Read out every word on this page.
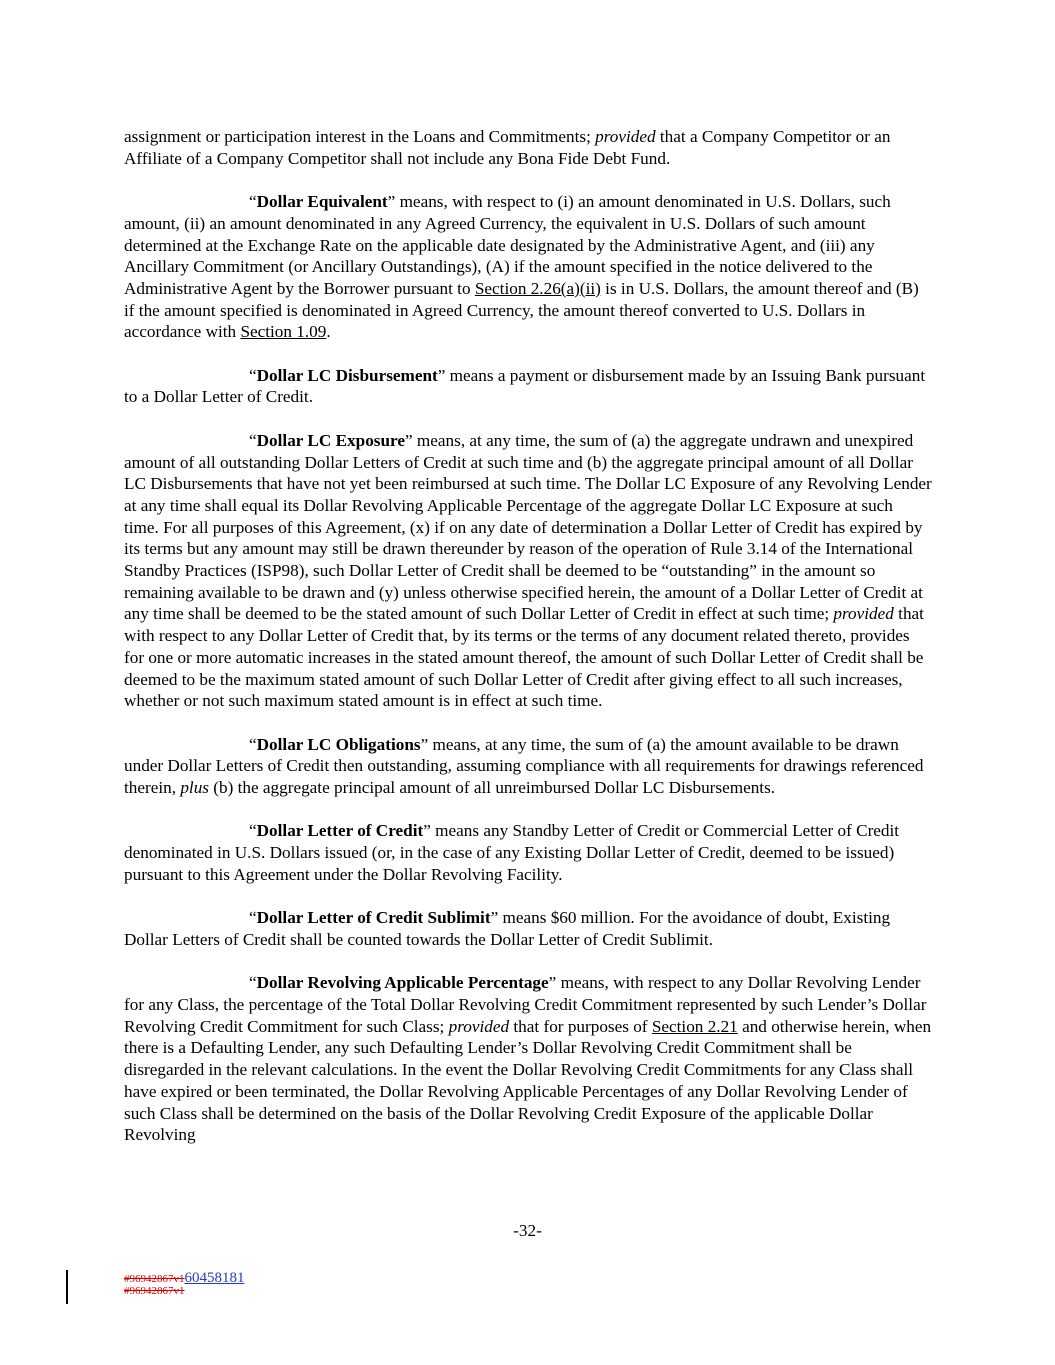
assignment or participation interest in the Loans and Commitments; provided that a Company Competitor or an Affiliate of a Company Competitor shall not include any Bona Fide Debt Fund.

“Dollar Equivalent” means, with respect to (i) an amount denominated in U.S. Dollars, such amount, (ii) an amount denominated in any Agreed Currency, the equivalent in U.S. Dollars of such amount determined at the Exchange Rate on the applicable date designated by the Administrative Agent, and (iii) any Ancillary Commitment (or Ancillary Outstandings), (A) if the amount specified in the notice delivered to the Administrative Agent by the Borrower pursuant to Section 2.26(a)(ii) is in U.S. Dollars, the amount thereof and (B) if the amount specified is denominated in Agreed Currency, the amount thereof converted to U.S. Dollars in accordance with Section 1.09.

“Dollar LC Disbursement” means a payment or disbursement made by an Issuing Bank pursuant to a Dollar Letter of Credit.

“Dollar LC Exposure” means, at any time, the sum of (a) the aggregate undrawn and unexpired amount of all outstanding Dollar Letters of Credit at such time and (b) the aggregate principal amount of all Dollar LC Disbursements that have not yet been reimbursed at such time. The Dollar LC Exposure of any Revolving Lender at any time shall equal its Dollar Revolving Applicable Percentage of the aggregate Dollar LC Exposure at such time. For all purposes of this Agreement, (x) if on any date of determination a Dollar Letter of Credit has expired by its terms but any amount may still be drawn thereunder by reason of the operation of Rule 3.14 of the International Standby Practices (ISP98), such Dollar Letter of Credit shall be deemed to be “outstanding” in the amount so remaining available to be drawn and (y) unless otherwise specified herein, the amount of a Dollar Letter of Credit at any time shall be deemed to be the stated amount of such Dollar Letter of Credit in effect at such time; provided that with respect to any Dollar Letter of Credit that, by its terms or the terms of any document related thereto, provides for one or more automatic increases in the stated amount thereof, the amount of such Dollar Letter of Credit shall be deemed to be the maximum stated amount of such Dollar Letter of Credit after giving effect to all such increases, whether or not such maximum stated amount is in effect at such time.

“Dollar LC Obligations” means, at any time, the sum of (a) the amount available to be drawn under Dollar Letters of Credit then outstanding, assuming compliance with all requirements for drawings referenced therein, plus (b) the aggregate principal amount of all unreimbursed Dollar LC Disbursements.

“Dollar Letter of Credit” means any Standby Letter of Credit or Commercial Letter of Credit denominated in U.S. Dollars issued (or, in the case of any Existing Dollar Letter of Credit, deemed to be issued) pursuant to this Agreement under the Dollar Revolving Facility.

“Dollar Letter of Credit Sublimit” means $60 million. For the avoidance of doubt, Existing Dollar Letters of Credit shall be counted towards the Dollar Letter of Credit Sublimit.

“Dollar Revolving Applicable Percentage” means, with respect to any Dollar Revolving Lender for any Class, the percentage of the Total Dollar Revolving Credit Commitment represented by such Lender’s Dollar Revolving Credit Commitment for such Class; provided that for purposes of Section 2.21 and otherwise herein, when there is a Defaulting Lender, any such Defaulting Lender’s Dollar Revolving Credit Commitment shall be disregarded in the relevant calculations. In the event the Dollar Revolving Credit Commitments for any Class shall have expired or been terminated, the Dollar Revolving Applicable Percentages of any Dollar Revolving Lender of such Class shall be determined on the basis of the Dollar Revolving Credit Exposure of the applicable Dollar Revolving

-32-
#96942867v160458181
#96942867v1
